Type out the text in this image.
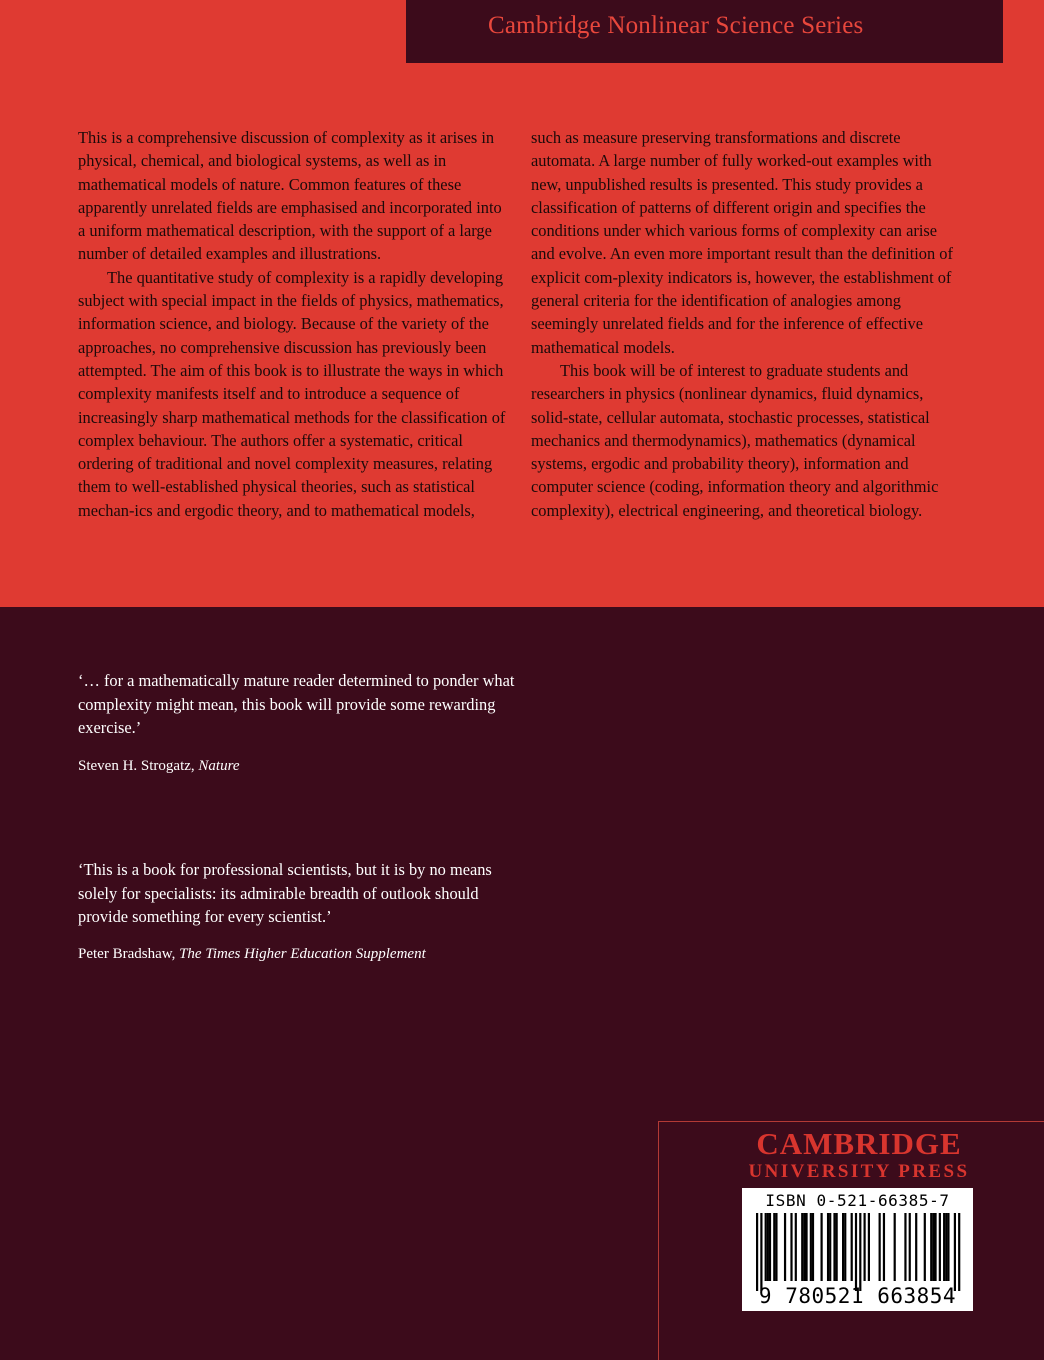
Cambridge Nonlinear Science Series

This is a comprehensive discussion of complexity as it arises in physical, chemical, and biological systems, as well as in mathematical models of nature. Common features of these apparently unrelated fields are emphasised and incorporated into a uniform mathematical description, with the support of a large number of detailed examples and illustrations.

The quantitative study of complexity is a rapidly developing subject with special impact in the fields of physics, mathematics, information science, and biology. Because of the variety of the approaches, no comprehensive discussion has previously been attempted. The aim of this book is to illustrate the ways in which complexity manifests itself and to introduce a sequence of increasingly sharp mathematical methods for the classification of complex behaviour. The authors offer a systematic, critical ordering of traditional and novel complexity measures, relating them to well-established physical theories, such as statistical mechan-ics and ergodic theory, and to mathematical models,

such as measure preserving transformations and discrete automata. A large number of fully worked-out examples with new, unpublished results is presented. This study provides a classification of patterns of different origin and specifies the conditions under which various forms of complexity can arise and evolve. An even more important result than the definition of explicit com-plexity indicators is, however, the establishment of general criteria for the identification of analogies among seemingly unrelated fields and for the inference of effective mathematical models.

This book will be of interest to graduate students and researchers in physics (nonlinear dynamics, fluid dynamics, solid-state, cellular automata, stochastic processes, statistical mechanics and thermodynamics), mathematics (dynamical systems, ergodic and probability theory), information and computer science (coding, information theory and algorithmic complexity), electrical engineering, and theoretical biology.

‘… for a mathematically mature reader determined to ponder what complexity might mean, this book will provide some rewarding exercise.’

Steven H. Strogatz, Nature

‘This is a book for professional scientists, but it is by no means solely for specialists: its admirable breadth of outlook should provide something for every scientist.’

Peter Bradshaw, The Times Higher Education Supplement
CAMBRIDGE
UNIVERSITY PRESS
ISBN 0-521-66385-7
9 780521 663854
